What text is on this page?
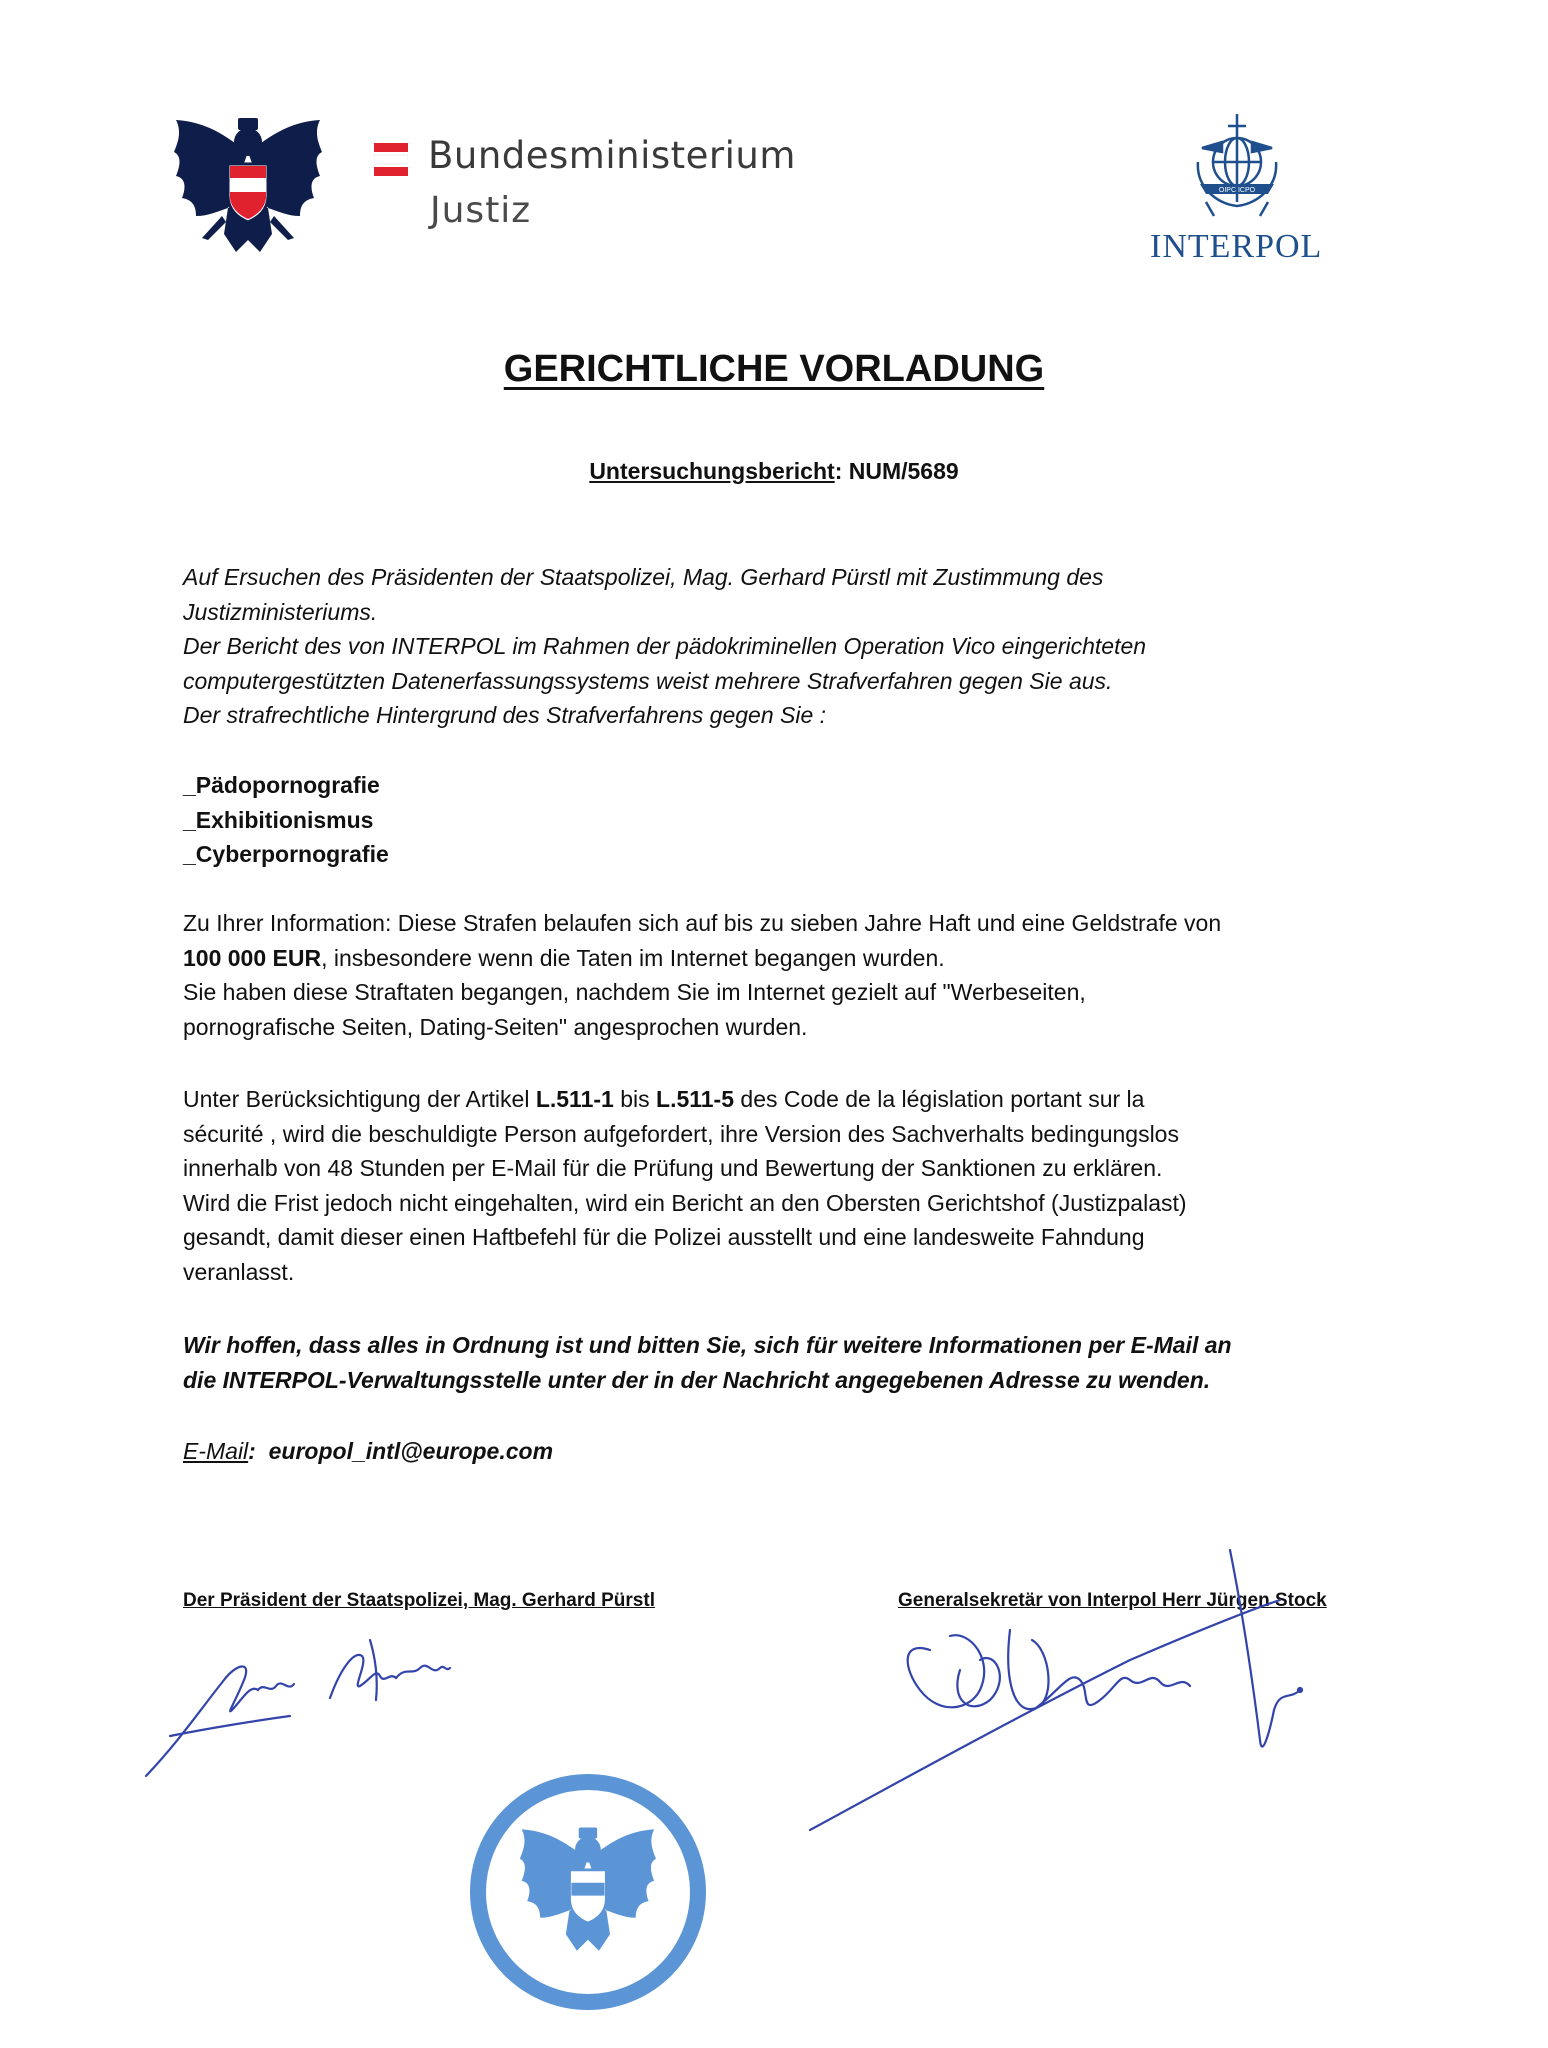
Bundesministerium
Justiz	OIPC ICPO
INTERPOL
GERICHTLICHE VORLADUNG
Untersuchungsbericht: NUM/5689
Auf Ersuchen des Präsidenten der Staatspolizei, Mag. Gerhard Pürstl mit Zustimmung des
Justizministeriums.
Der Bericht des von INTERPOL im Rahmen der pädokriminellen Operation Vico eingerichteten
computergestützten Datenerfassungssystems weist mehrere Strafverfahren gegen Sie aus.
Der strafrechtliche Hintergrund des Strafverfahrens gegen Sie :
_Pädopornografie
_Exhibitionismus
_Cyberpornografie
Zu Ihrer Information: Diese Strafen belaufen sich auf bis zu sieben Jahre Haft und eine Geldstrafe von
100 000 EUR, insbesondere wenn die Taten im Internet begangen wurden.
Sie haben diese Straftaten begangen, nachdem Sie im Internet gezielt auf "Werbeseiten,
pornografische Seiten, Dating-Seiten" angesprochen wurden.
Unter Berücksichtigung der Artikel L.511-1 bis L.511-5 des Code de la législation portant sur la
sécurité , wird die beschuldigte Person aufgefordert, ihre Version des Sachverhalts bedingungslos
innerhalb von 48 Stunden per E-Mail für die Prüfung und Bewertung der Sanktionen zu erklären.
Wird die Frist jedoch nicht eingehalten, wird ein Bericht an den Obersten Gerichtshof (Justizpalast)
gesandt, damit dieser einen Haftbefehl für die Polizei ausstellt und eine landesweite Fahndung
veranlasst.
Wir hoffen, dass alles in Ordnung ist und bitten Sie, sich für weitere Informationen per E-Mail an
die INTERPOL-Verwaltungsstelle unter der in der Nachricht angegebenen Adresse zu wenden.
E-Mail: europol_intl@europe.com
Der Präsident der Staatspolizei, Mag. Gerhard Pürstl	Generalsekretär von Interpol Herr Jürgen Stock
